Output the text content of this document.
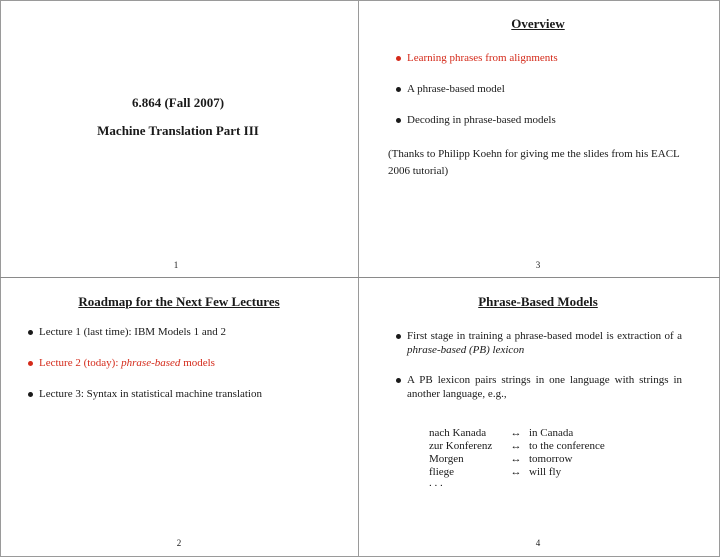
6.864 (Fall 2007)
Machine Translation Part III
1
Overview
Learning phrases from alignments
A phrase-based model
Decoding in phrase-based models
(Thanks to Philipp Koehn for giving me the slides from his EACL 2006 tutorial)
3
Roadmap for the Next Few Lectures
Lecture 1 (last time): IBM Models 1 and 2
Lecture 2 (today): phrase-based models
Lecture 3: Syntax in statistical machine translation
2
Phrase-Based Models
First stage in training a phrase-based model is extraction of a phrase-based (PB) lexicon
A PB lexicon pairs strings in one language with strings in another language, e.g.,
nach Kanada	↔	in Canada
zur Konferenz	↔	to the conference
Morgen	↔	tomorrow
fliege	↔	will fly
. . .		
4
